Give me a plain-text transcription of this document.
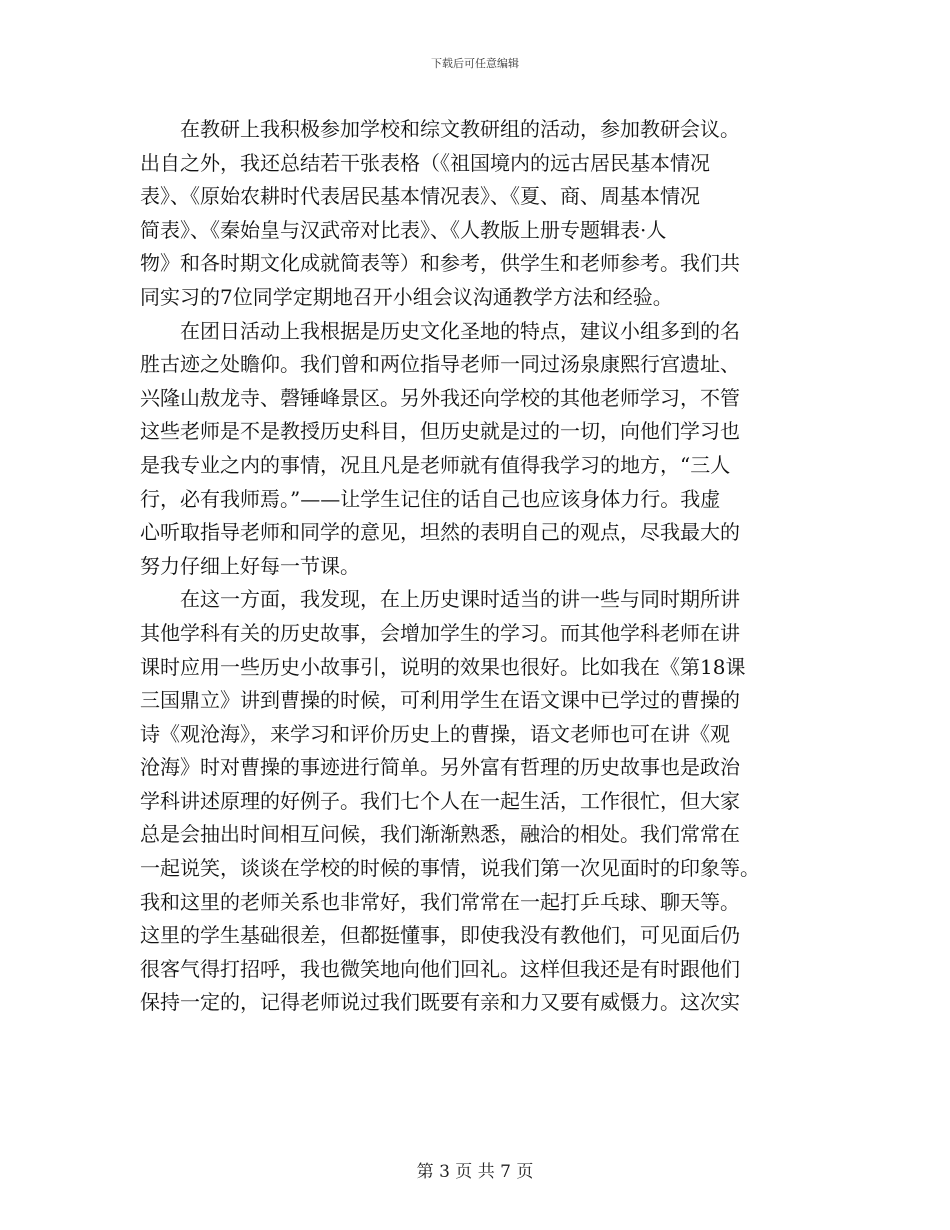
下载后可任意编辑
　　在教研上我积极参加学校和综文教研组的活动，参加教研会议。
出自之外，我还总结若干张表格（《祖国境内的远古居民基本情况
表》、《原始农耕时代表居民基本情况表》、《夏、商、周基本情况
简表》、《秦始皇与汉武帝对比表》、《人教版上册专题辑表·人
物》和各时期文化成就简表等）和参考，供学生和老师参考。我们共
同实习的7位同学定期地召开小组会议沟通教学方法和经验。
　　在团日活动上我根据是历史文化圣地的特点，建议小组多到的名
胜古迹之处瞻仰。我们曾和两位指导老师一同过汤泉康熙行宫遗址、
兴隆山敖龙寺、磬锤峰景区。另外我还向学校的其他老师学习，不管
这些老师是不是教授历史科目，但历史就是过的一切，向他们学习也
是我专业之内的事情，况且凡是老师就有值得我学习的地方，“三人
行，必有我师焉。”——让学生记住的话自己也应该身体力行。我虚
心听取指导老师和同学的意见，坦然的表明自己的观点，尽我最大的
努力仔细上好每一节课。
　　在这一方面，我发现，在上历史课时适当的讲一些与同时期所讲
其他学科有关的历史故事，会增加学生的学习。而其他学科老师在讲
课时应用一些历史小故事引，说明的效果也很好。比如我在《第18课
三国鼎立》讲到曹操的时候，可利用学生在语文课中已学过的曹操的
诗《观沧海》，来学习和评价历史上的曹操，语文老师也可在讲《观
沧海》时对曹操的事迹进行简单。另外富有哲理的历史故事也是政治
学科讲述原理的好例子。我们七个人在一起生活，工作很忙，但大家
总是会抽出时间相互问候，我们渐渐熟悉，融洽的相处。我们常常在
一起说笑，谈谈在学校的时候的事情，说我们第一次见面时的印象等。
我和这里的老师关系也非常好，我们常常在一起打乒乓球、聊天等。
这里的学生基础很差，但都挺懂事，即使我没有教他们，可见面后仍
很客气得打招呼，我也微笑地向他们回礼。这样但我还是有时跟他们
保持一定的，记得老师说过我们既要有亲和力又要有威慑力。这次实
第 3 页 共 7 页
